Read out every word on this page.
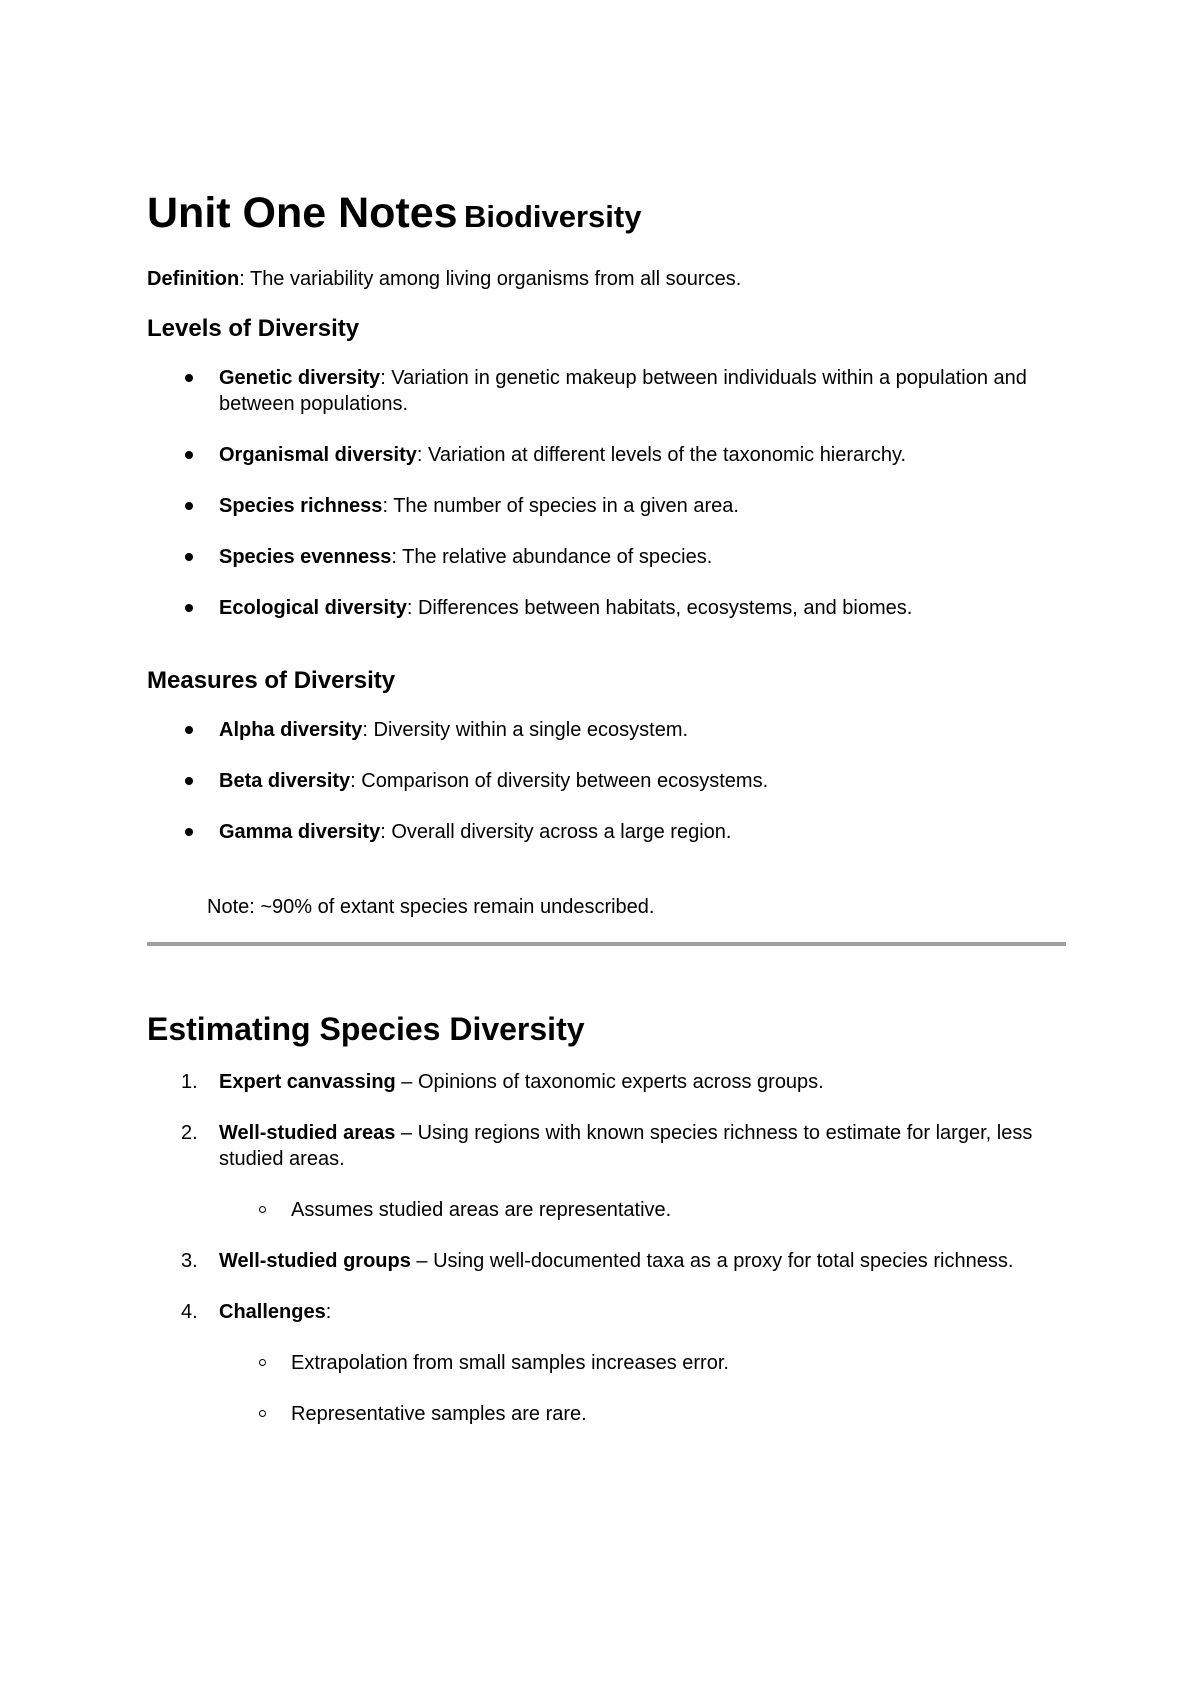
Unit One Notes Biodiversity
Definition: The variability among living organisms from all sources.
Levels of Diversity
Genetic diversity: Variation in genetic makeup between individuals within a population and between populations.
Organismal diversity: Variation at different levels of the taxonomic hierarchy.
Species richness: The number of species in a given area.
Species evenness: The relative abundance of species.
Ecological diversity: Differences between habitats, ecosystems, and biomes.
Measures of Diversity
Alpha diversity: Diversity within a single ecosystem.
Beta diversity: Comparison of diversity between ecosystems.
Gamma diversity: Overall diversity across a large region.
Note: ~90% of extant species remain undescribed.
Estimating Species Diversity
1. Expert canvassing – Opinions of taxonomic experts across groups.
2. Well-studied areas – Using regions with known species richness to estimate for larger, less studied areas.
Assumes studied areas are representative.
3. Well-studied groups – Using well-documented taxa as a proxy for total species richness.
4. Challenges:
Extrapolation from small samples increases error.
Representative samples are rare.
